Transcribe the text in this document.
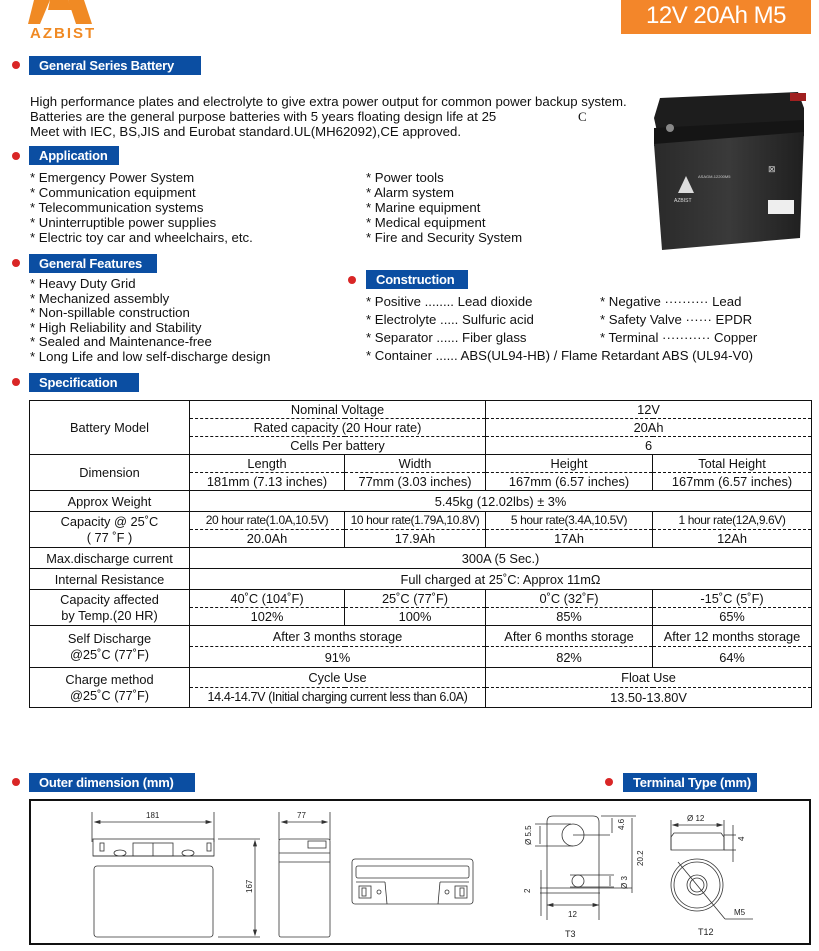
AZBIST
12V 20Ah M5
General Series Battery
High performance plates and electrolyte to give extra power output for common power backup system.
Batteries are the general purpose batteries with 5 years floating design life at 25
Meet with IEC, BS,JIS and Eurobat standard.UL(MH62092),CE approved.
C
AZBIST
ASAGM-12200M5
⊠
Application
* Emergency Power System
* Communication equipment
* Telecommunication systems
* Uninterruptible power supplies
* Electric toy car and wheelchairs, etc.
* Power tools
* Alarm system
* Marine equipment
* Medical equipment
* Fire and Security System
General Features
* Heavy Duty Grid
* Mechanized assembly
* Non-spillable construction
* High Reliability and Stability
* Sealed and Maintenance-free
* Long Life and low self-discharge design
Construction
* Positive ........ Lead dioxide
* Electrolyte ..... Sulfuric acid
* Separator ...... Fiber glass
* Negative ·········· Lead
* Safety Valve ······ EPDR
* Terminal ··········· Copper
* Container ...... ABS(UL94-HB) / Flame Retardant ABS (UL94-V0)
Specification
Battery Model	Nominal Voltage		12V	
	Rated capacity (20 Hour rate)		20Ah	
	Cells Per battery		6	
Dimension	Length	Width	Height	Total Height
	181mm (7.13 inches)	77mm (3.03 inches)	167mm (6.57 inches)	167mm (6.57 inches)
Approx Weight	5.45kg (12.02lbs) ± 3%			

Capacity @ 25˚C
( 77 ˚F )	20 hour rate(1.0A,10.5V)	10 hour rate(1.79A,10.8V)	5 hour rate(3.4A,10.5V)	1 hour rate(12A,9.6V)
	20.0Ah	17.9Ah	17Ah	12Ah
Max.discharge current	300A (5 Sec.)			
Internal Resistance	Full charged at 25˚C: Approx 11mΩ			

Capacity affected
by Temp.(20 HR)	40˚C (104˚F)	25˚C (77˚F)	0˚C (32˚F)	-15˚C (5˚F)
	102%	100%	85%	65%

Self Discharge
@25˚C (77˚F)	After 3 months storage		After 6 months storage	After 12 months storage
	91%		82%	64%

Charge method
@25˚C (77˚F)	Cycle Use		Float Use	
	14.4-14.7V (Initial charging current less than 6.0A)		13.50-13.80V	
Outer dimension (mm)	Terminal Type (mm)
181	77
167
Ø 5.5
4.6
20.2
Ø 3
2
12
T3
Ø 12
4
M5
T12
